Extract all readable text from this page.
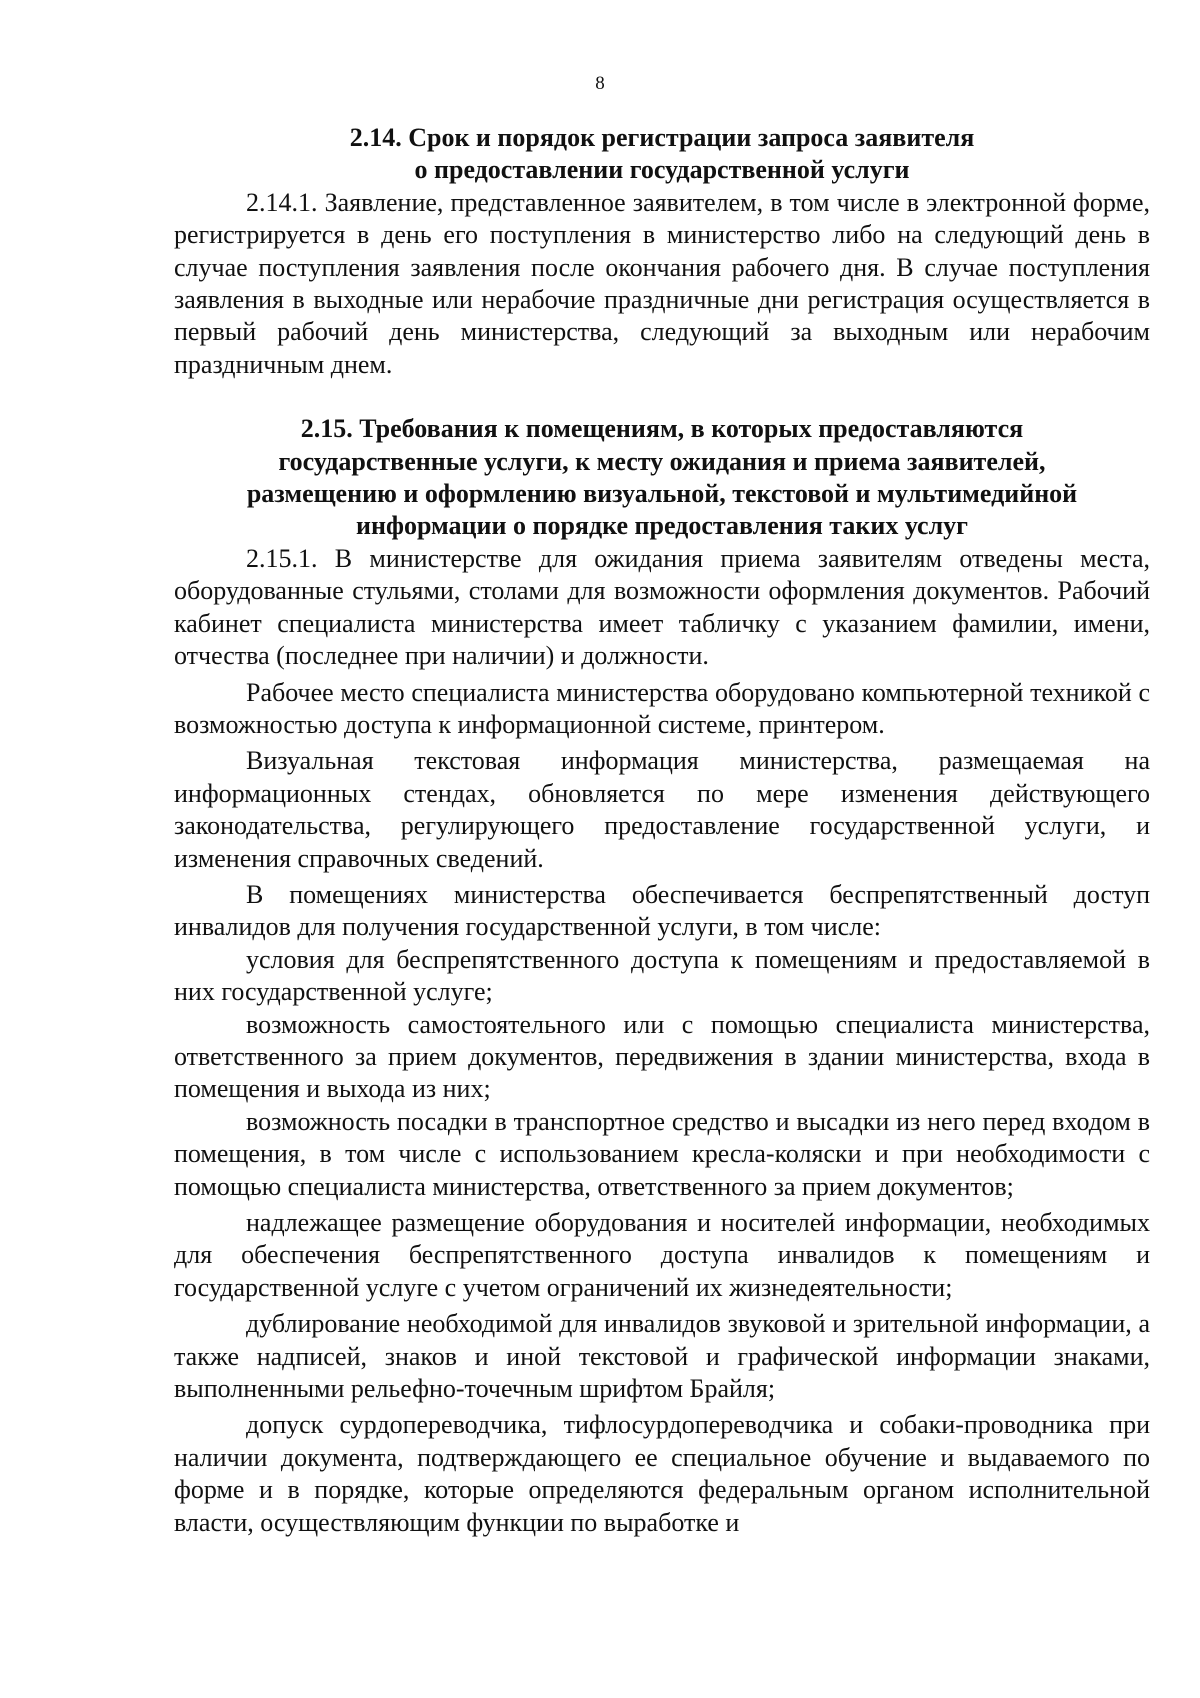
8
2.14. Срок и порядок регистрации запроса заявителя
о предоставлении государственной услуги

2.14.1. Заявление, представленное заявителем, в том числе в электронной форме, регистрируется в день его поступления в министерство либо на следующий день в случае поступления заявления после окончания рабочего дня. В случае поступления заявления в выходные или нерабочие праздничные дни регистрация осуществляется в первый рабочий день министерства, следующий за выходным или нерабочим праздничным днем.

2.15. Требования к помещениям, в которых предоставляются
государственные услуги, к месту ожидания и приема заявителей,
размещению и оформлению визуальной, текстовой и мультимедийной
информации о порядке предоставления таких услуг

2.15.1. В министерстве для ожидания приема заявителям отведены места, оборудованные стульями, столами для возможности оформления документов. Рабочий кабинет специалиста министерства имеет табличку с указанием фамилии, имени, отчества (последнее при наличии) и должности.

Рабочее место специалиста министерства оборудовано компьютерной техникой с возможностью доступа к информационной системе, принтером.

Визуальная текстовая информация министерства, размещаемая на информационных стендах, обновляется по мере изменения действующего законодательства, регулирующего предоставление государственной услуги, и изменения справочных сведений.

В помещениях министерства обеспечивается беспрепятственный доступ инвалидов для получения государственной услуги, в том числе:

условия для беспрепятственного доступа к помещениям и предоставляемой в них государственной услуге;

возможность самостоятельного или с помощью специалиста министерства, ответственного за прием документов, передвижения в здании министерства, входа в помещения и выхода из них;

возможность посадки в транспортное средство и высадки из него перед входом в помещения, в том числе с использованием кресла-коляски и при необходимости с помощью специалиста министерства, ответственного за прием документов;

надлежащее размещение оборудования и носителей информации, необходимых для обеспечения беспрепятственного доступа инвалидов к помещениям и государственной услуге с учетом ограничений их жизнедеятельности;

дублирование необходимой для инвалидов звуковой и зрительной информации, а также надписей, знаков и иной текстовой и графической информации знаками, выполненными рельефно-точечным шрифтом Брайля;

допуск сурдопереводчика, тифлосурдопереводчика и собаки-проводника при наличии документа, подтверждающего ее специальное обучение и выдаваемого по форме и в порядке, которые определяются федеральным органом исполнительной власти, осуществляющим функции по выработке и
